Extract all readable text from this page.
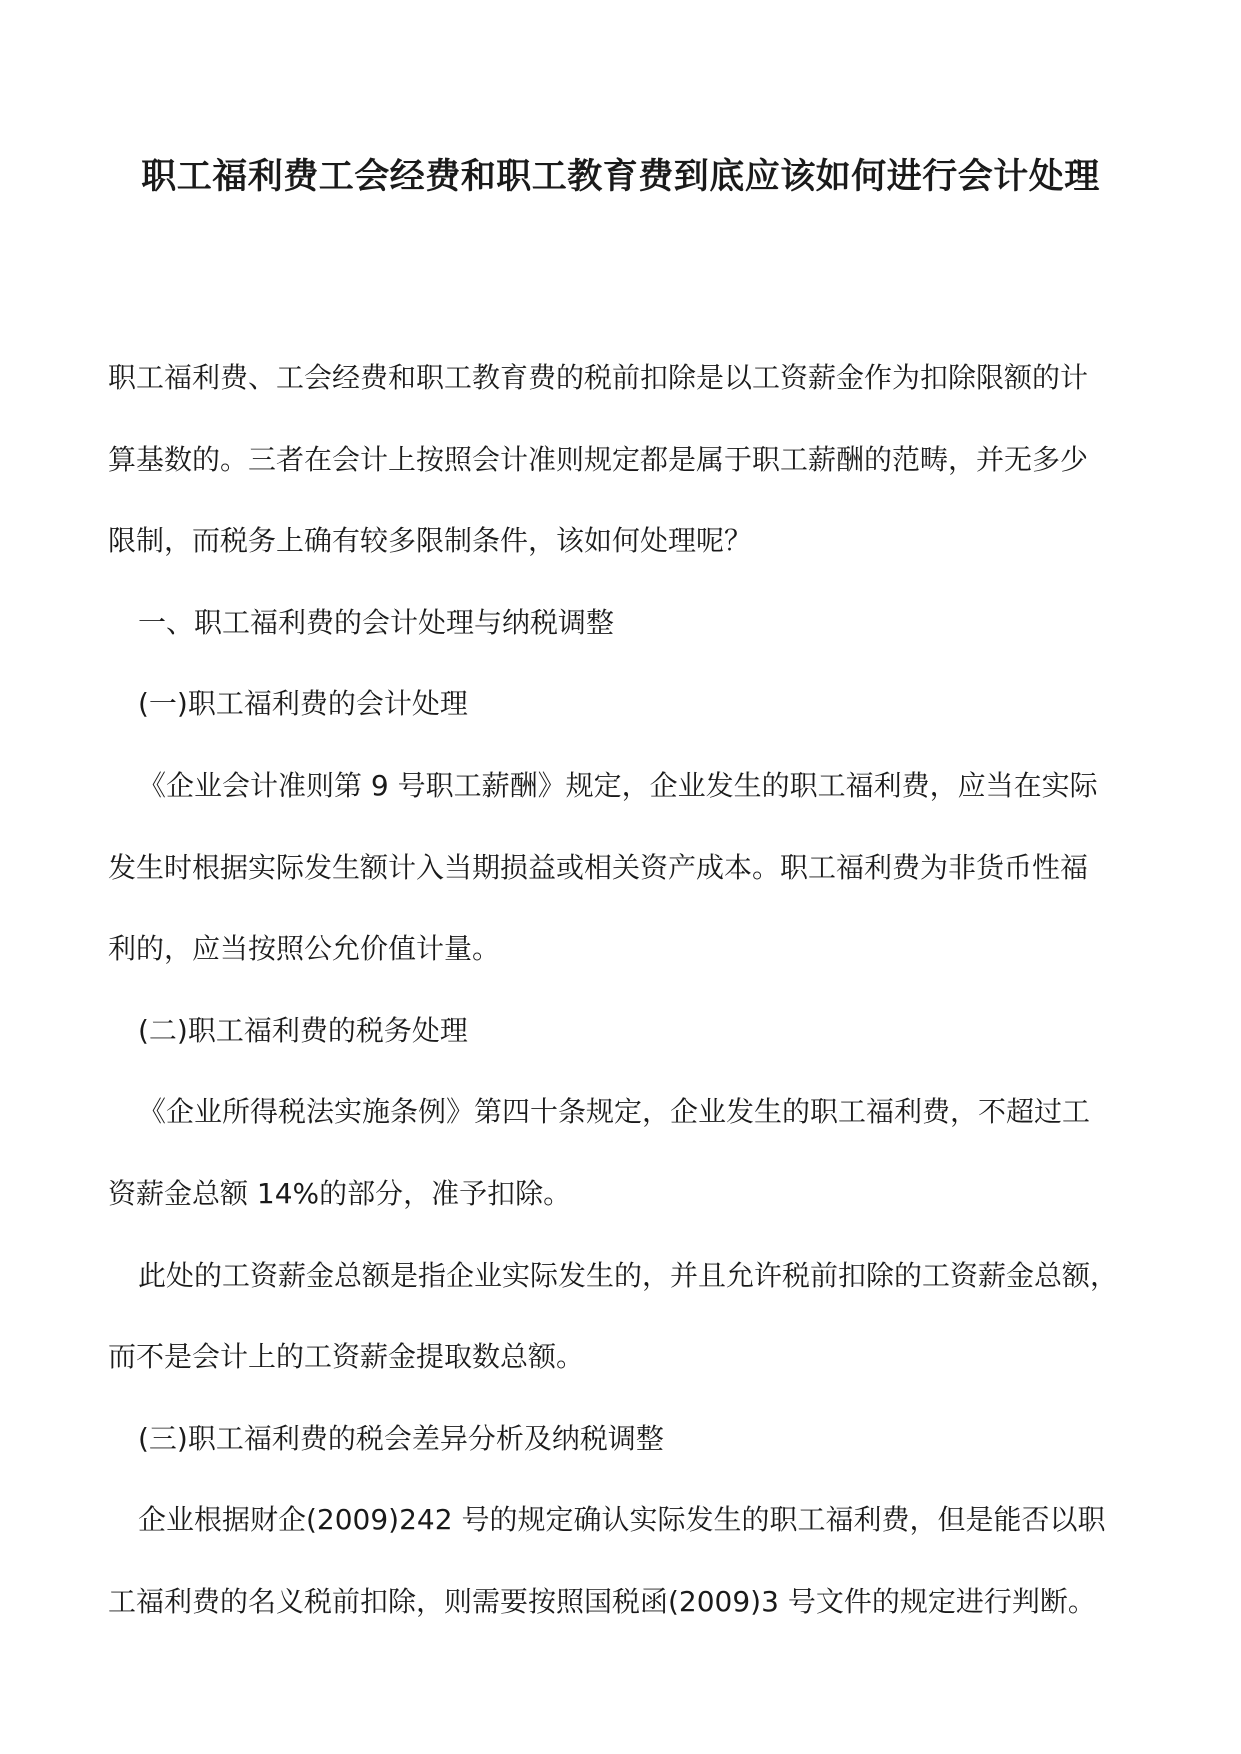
职工福利费工会经费和职工教育费到底应该如何进行会计处理

职工福利费、工会经费和职工教育费的税前扣除是以工资薪金作为扣除限额的计
算基数的。三者在会计上按照会计准则规定都是属于职工薪酬的范畴，并无多少
限制，而税务上确有较多限制条件，该如何处理呢？

一、职工福利费的会计处理与纳税调整

(一)职工福利费的会计处理

《企业会计准则第 9 号职工薪酬》规定，企业发生的职工福利费，应当在实际
发生时根据实际发生额计入当期损益或相关资产成本。职工福利费为非货币性福
利的，应当按照公允价值计量。

(二)职工福利费的税务处理

《企业所得税法实施条例》第四十条规定，企业发生的职工福利费，不超过工
资薪金总额 14%的部分，准予扣除。

此处的工资薪金总额是指企业实际发生的，并且允许税前扣除的工资薪金总额，
而不是会计上的工资薪金提取数总额。

(三)职工福利费的税会差异分析及纳税调整

企业根据财企(2009)242 号的规定确认实际发生的职工福利费，但是能否以职
工福利费的名义税前扣除，则需要按照国税函(2009)3 号文件的规定进行判断。
